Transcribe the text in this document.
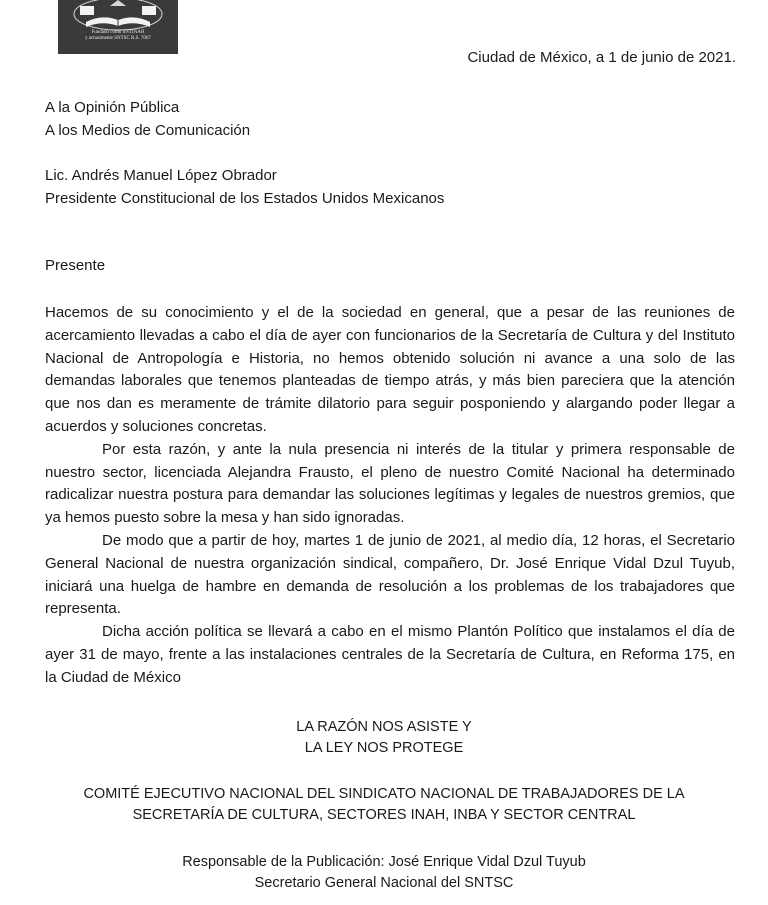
Fundado como SNTINAH
y actualmente SNTSC R.S. 7067
Ciudad de México, a 1 de junio de 2021.
A la Opinión Pública
A los Medios de Comunicación
Lic. Andrés Manuel López Obrador
Presidente Constitucional de los Estados Unidos Mexicanos
Presente

Hacemos de su conocimiento y el de la sociedad en general, que a pesar de las reuniones de acercamiento llevadas a cabo el día de ayer con funcionarios de la Secretaría de Cultura y del Instituto Nacional de Antropología e Historia, no hemos obtenido solución ni avance a una solo de las demandas laborales que tenemos planteadas de tiempo atrás, y más bien pareciera que la atención que nos dan es meramente de trámite dilatorio para seguir posponiendo y alargando poder llegar a acuerdos y soluciones concretas.

Por esta razón, y ante la nula presencia ni interés de la titular y primera responsable de nuestro sector, licenciada Alejandra Frausto, el pleno de nuestro Comité Nacional ha determinado radicalizar nuestra postura para demandar las soluciones legítimas y legales de nuestros gremios, que ya hemos puesto sobre la mesa y han sido ignoradas.

De modo que a partir de hoy, martes 1 de junio de 2021, al medio día, 12 horas, el Secretario General Nacional de nuestra organización sindical, compañero, Dr. José Enrique Vidal Dzul Tuyub, iniciará una huelga de hambre en demanda de resolución a los problemas de los trabajadores que representa.

Dicha acción política se llevará a cabo en el mismo Plantón Político que instalamos el día de ayer 31 de mayo, frente a las instalaciones centrales de la Secretaría de Cultura, en Reforma 175, en la Ciudad de México

LA RAZÓN NOS ASISTE Y
LA LEY NOS PROTEGE
COMITÉ EJECUTIVO NACIONAL DEL SINDICATO NACIONAL DE TRABAJADORES DE LA
SECRETARÍA DE CULTURA, SECTORES INAH, INBA Y SECTOR CENTRAL
Responsable de la Publicación: José Enrique Vidal Dzul Tuyub
Secretario General Nacional del SNTSC
